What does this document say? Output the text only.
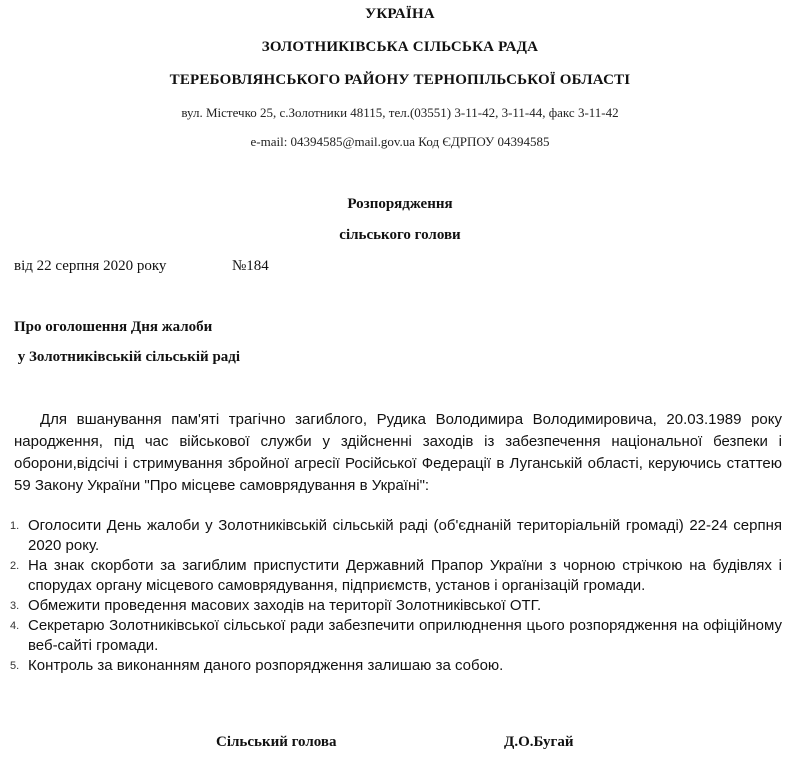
УКРАЇНА
ЗОЛОТНИКІВСЬКА СІЛЬСЬКА РАДА
ТЕРЕБОВЛЯНСЬКОГО РАЙОНУ ТЕРНОПІЛЬСЬКОЇ ОБЛАСТІ
вул. Містечко 25, с.Золотники 48115, тел.(03551) 3-11-42, 3-11-44, факс 3-11-42
e-mail: 04394585@mail.gov.ua Код ЄДРПОУ 04394585
Розпорядження
сільського голови
від 22 серпня 2020 року	№184
Про оголошення Дня жалоби
у Золотниківській сільській раді
Для вшанування пам'яті трагічно загиблого, Рудика Володимира Володимировича, 20.03.1989 року народження, під час військової служби у здійсненні заходів із забезпечення національної безпеки і оборони,відсічі і стримування збройної агресії Російської Федерації в Луганській області, керуючись статтею 59 Закону України "Про місцеве самоврядування в Україні":
1. Оголосити День жалоби у Золотниківській сільській раді (об'єднаній територіальній громаді) 22-24 серпня 2020 року.
2. На знак скорботи за загиблим приспустити Державний Прапор України з чорною стрічкою на будівлях і спорудах органу місцевого самоврядування, підприємств, установ і організацій громади.
3. Обмежити проведення масових заходів на території Золотниківської ОТГ.
4. Секретарю Золотниківської сільської ради забезпечити оприлюднення цього розпорядження на офіційному веб-сайті громади.
5. Контроль за виконанням даного розпорядження залишаю за собою.
Сільський голова	Д.О.Бугай
